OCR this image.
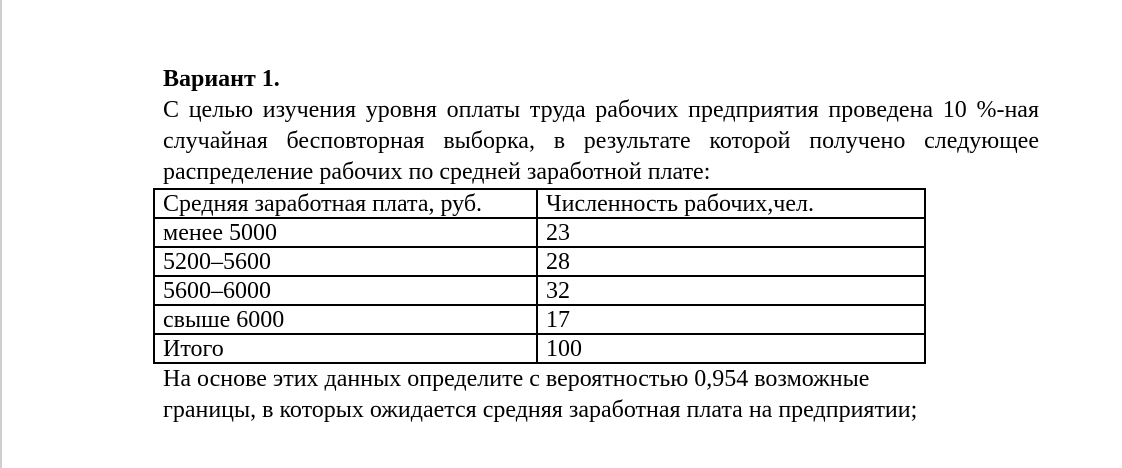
Вариант 1.

С целью изучения уровня оплаты труда рабочих предприятия проведена 10 %-ная случайная бесповторная выборка, в результате которой получено следующее распределение рабочих по средней заработной плате:

Средняя заработная плата, руб.	Численность рабочих,чел.
менее 5000	23
5200–5600	28
5600–6000	32
свыше 6000	17
Итого	100

На основе этих данных определите с вероятностью 0,954 возможные

границы, в которых ожидается средняя заработная плата на предприятии;
